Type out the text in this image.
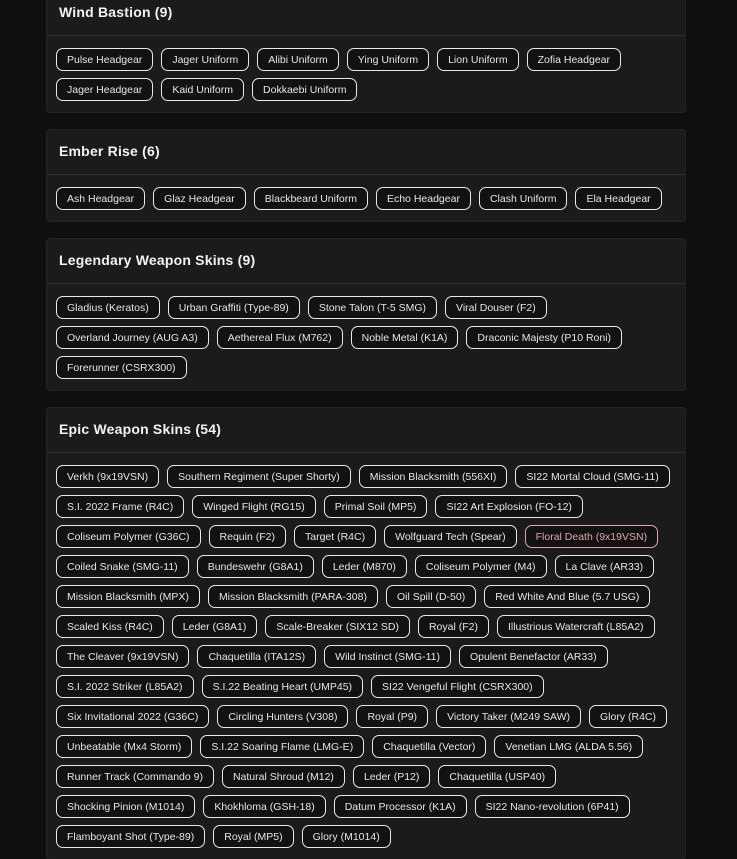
Wind Bastion (9)
Pulse Headgear	Jager Uniform	Alibi Uniform	Ying Uniform	Lion Uniform	Zofia Headgear
Jager Headgear	Kaid Uniform	Dokkaebi Uniform
Ember Rise (6)
Ash Headgear	Glaz Headgear	Blackbeard Uniform	Echo Headgear	Clash Uniform	Ela Headgear
Legendary Weapon Skins (9)
Gladius (Keratos)	Urban Graffiti (Type-89)	Stone Talon (T-5 SMG)	Viral Douser (F2)
Overland Journey (AUG A3)	Aethereal Flux (M762)	Noble Metal (K1A)	Draconic Majesty (P10 Roni)
Forerunner (CSRX300)
Epic Weapon Skins (54)
Verkh (9x19VSN)	Southern Regiment (Super Shorty)	Mission Blacksmith (556XI)	SI22 Mortal Cloud (SMG-11)
S.I. 2022 Frame (R4C)	Winged Flight (RG15)	Primal Soil (MP5)	SI22 Art Explosion (FO-12)
Coliseum Polymer (G36C)	Requin (F2)	Target (R4C)	Wolfguard Tech (Spear)	Floral Death (9x19VSN)
Coiled Snake (SMG-11)	Bundeswehr (G8A1)	Leder (M870)	Coliseum Polymer (M4)	La Clave (AR33)
Mission Blacksmith (MPX)	Mission Blacksmith (PARA-308)	Oil Spill (D-50)	Red White And Blue (5.7 USG)
Scaled Kiss (R4C)	Leder (G8A1)	Scale-Breaker (SIX12 SD)	Royal (F2)	Illustrious Watercraft (L85A2)
The Cleaver (9x19VSN)	Chaquetilla (ITA12S)	Wild Instinct (SMG-11)	Opulent Benefactor (AR33)
S.I. 2022 Striker (L85A2)	S.I.22 Beating Heart (UMP45)	SI22 Vengeful Flight (CSRX300)
Six Invitational 2022 (G36C)	Circling Hunters (V308)	Royal (P9)	Victory Taker (M249 SAW)	Glory (R4C)
Unbeatable (Mx4 Storm)	S.I.22 Soaring Flame (LMG-E)	Chaquetilla (Vector)	Venetian LMG (ALDA 5.56)
Runner Track (Commando 9)	Natural Shroud (M12)	Leder (P12)	Chaquetilla (USP40)
Shocking Pinion (M1014)	Khokhloma (GSH-18)	Datum Processor (K1A)	SI22 Nano-revolution (6P41)
Flamboyant Shot (Type-89)	Royal (MP5)	Glory (M1014)
